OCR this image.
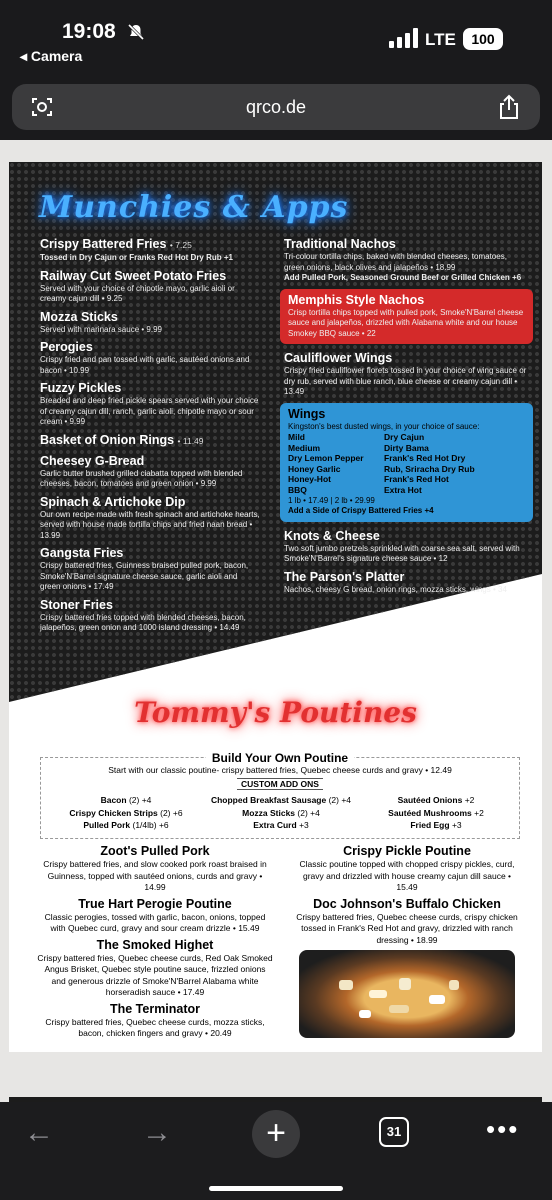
19:08
◂ Camera
LTE	100
qrco.de
Munchies & Apps
Crispy Battered Fries • 7.25
Tossed in Dry Cajun or Franks Red Hot Dry Rub +1
Railway Cut Sweet Potato Fries
Served with your choice of chipotle mayo, garlic aioli or creamy cajun dill • 9.25
Mozza Sticks
Served with marinara sauce • 9.99
Perogies
Crispy fried and pan tossed with garlic, sautéed onions and bacon • 10.99
Fuzzy Pickles
Breaded and deep fried pickle spears served with your choice of creamy cajun dill, ranch, garlic aioli, chipotle mayo or sour cream • 9.99
Basket of Onion Rings • 11.49
Cheesey G-Bread
Garlic butter brushed grilled ciabatta topped with blended cheeses, bacon, tomatoes and green onion • 9.99
Spinach & Artichoke Dip
Our own recipe made with fresh spinach and artichoke hearts, served with house made tortilla chips and fried naan bread • 13.99
Gangsta Fries
Crispy battered fries, Guinness braised pulled pork, bacon, Smoke'N'Barrel signature cheese sauce, garlic aioli and green onions • 17.49
Stoner Fries
Crispy battered fries topped with blended cheeses, bacon, jalapeños, green onion and 1000 island dressing • 14.49
Traditional Nachos
Tri-colour tortilla chips, baked with blended cheeses, tomatoes, green onions, black olives and jalapeños • 18.99
Add Pulled Pork, Seasoned Ground Beef or Grilled Chicken +6
Memphis Style Nachos
Crisp tortilla chips topped with pulled pork, Smoke'N'Barrel cheese sauce and jalapeños, drizzled with Alabama white and our house Smokey BBQ sauce • 22
Cauliflower Wings
Crispy fried cauliflower florets tossed in your choice of wing sauce or dry rub, served with blue ranch, blue cheese or creamy cajun dill • 13.49
Wings
Kingston's best dusted wings, in your choice of sauce:
Mild	Dry Cajun
Medium	Dirty Bama
Dry Lemon Pepper	Frank's Red Hot Dry
Honey Garlic	Rub, Sriracha Dry Rub
Honey-Hot	Frank's Red Hot
BBQ	Extra Hot
1 lb • 17.49 | 2 lb • 29.99
Add a Side of Crispy Battered Fries +4
Knots & Cheese
Two soft jumbo pretzels sprinkled with coarse sea salt, served with Smoke'N'Barrel's signature cheese sauce • 12
The Parson's Platter
Nachos, cheesy G bread, onion rings, mozza sticks, wings • 34
Tommy's Poutines
Build Your Own Poutine
Start with our classic poutine- crispy battered fries, Quebec cheese curds and gravy • 12.49
CUSTOM ADD ONS
Bacon (2) +4	Chopped Breakfast Sausage (2) +4	Sautéed Onions +2
Crispy Chicken Strips (2) +6	Mozza Sticks (2) +4	Sautéed Mushrooms +2
Pulled Pork (1/4lb) +6	Extra Curd +3	Fried Egg +3
Zoot's Pulled Pork
Crispy battered fries, and slow cooked pork roast braised in Guinness, topped with sautéed onions, curds and gravy • 14.99
True Hart Perogie Poutine
Classic perogies, tossed with garlic, bacon, onions, topped with Quebec curd, gravy and sour cream drizzle • 15.49
The Smoked Highet
Crispy battered fries, Quebec cheese curds, Red Oak Smoked Angus Brisket, Quebec style poutine sauce, frizzled onions and generous drizzle of Smoke'N'Barrel Alabama white horseradish sauce • 17.49
The Terminator
Crispy battered fries, Quebec cheese curds, mozza sticks, bacon, chicken fingers and gravy • 20.49
Crispy Pickle Poutine
Classic poutine topped with chopped crispy pickles, curd, gravy and drizzled with house creamy cajun dill sauce • 15.49
Doc Johnson's Buffalo Chicken
Crispy battered fries, Quebec cheese curds, crispy chicken tossed in Frank's Red Hot and gravy, drizzled with ranch dressing • 18.99
←	→	+	31	•••
